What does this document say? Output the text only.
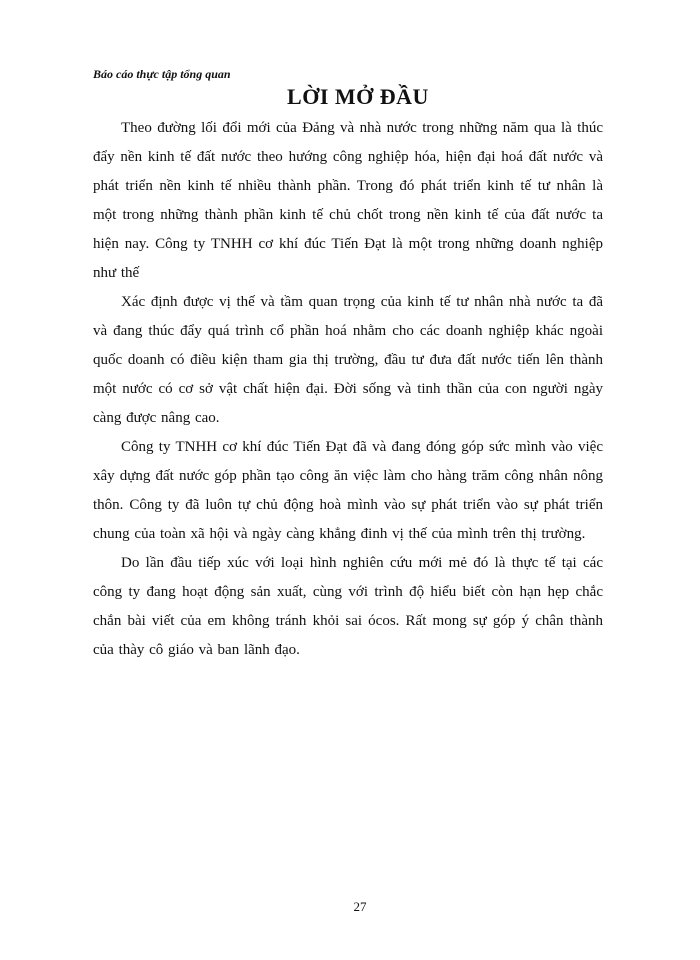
Báo cáo thực tập tổng quan
LỜI MỞ ĐẦU

Theo đường lối đổi mới của Đảng và nhà nước trong những năm qua là thúc đẩy nền kinh tế đất nước theo hướng công nghiệp hóa, hiện đại hoá đất nước và phát triển nền kinh tế nhiều thành phần. Trong đó phát triển kinh tế tư nhân là một trong những thành phần kinh tế chủ chốt trong nền kinh tế của đất nước ta hiện nay. Công ty TNHH cơ khí đúc Tiến Đạt là một trong những doanh nghiệp như thế

Xác định được vị thế và tầm quan trọng của kinh tế tư nhân nhà nước ta đã và đang thúc đẩy quá trình cổ phần hoá nhằm cho các doanh nghiệp khác ngoài quốc doanh có điều kiện tham gia thị trường, đầu tư đưa đất nước tiến lên thành một nước có cơ sở vật chất hiện đại. Đời sống và tinh thần của con người ngày càng được nâng cao.

Công ty TNHH cơ khí đúc Tiến Đạt đã và đang đóng góp sức mình vào việc xây dựng đất nước góp phần tạo công ăn việc làm cho hàng trăm công nhân nông thôn. Công ty đã luôn tự chủ động hoà mình vào sự phát triển vào sự phát triển chung của toàn xã hội và ngày càng khẳng đinh vị thế của mình trên thị trường.

Do lần đầu tiếp xúc với loại hình nghiên cứu mới mẻ đó là thực tế tại các công ty đang hoạt động sản xuất, cùng với trình độ hiểu biết còn hạn hẹp chắc chắn bài viết của em không tránh khỏi sai ócos. Rất mong sự góp ý chân thành của thày cô giáo và ban lãnh đạo.

27
